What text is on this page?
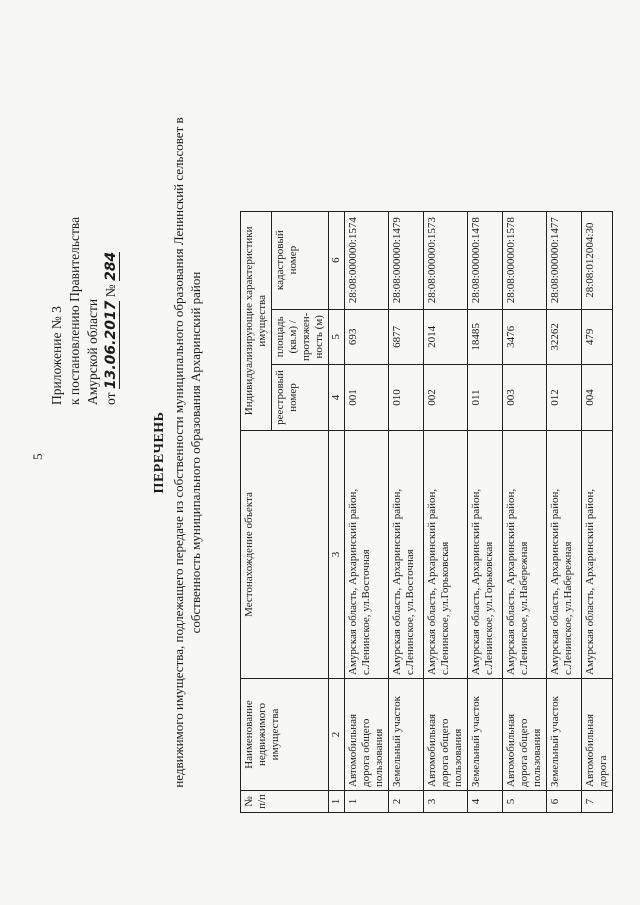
5
Приложение № 3 к постановлению Правительства Амурской области от 13.06.2017 № 284
ПЕРЕЧЕНЬ недвижимого имущества, подлежащего передаче из собственности муниципального образования Ленинский сельсовет в собственность муниципального образования Архаринский район
№ п/п	Наименование недвижимого имущества	Местонахождение объекта	Индивидуализирующие характеристики имущества		
			реестровый номер	площадь (кв.м) / протяжен- ность (м)	кадастровый номер
1	2	3	4	5	6
1	Автомобильная дорога общего пользования	Амурская область, Архаринский район, с.Ленинское, ул.Восточная	001	693	28:08:000000:1574
2	Земельный участок	Амурская область, Архаринский район, с.Ленинское, ул.Восточная	010	6877	28:08:000000:1479
3	Автомобильная дорога общего пользования	Амурская область, Архаринский район, с.Ленинское, ул.Горьковская	002	2014	28:08:000000:1573
4	Земельный участок	Амурская область, Архаринский район, с.Ленинское, ул.Горьковская	011	18485	28:08:000000:1478
5	Автомобильная дорога общего пользования	Амурская область, Архаринский район, с.Ленинское, ул.Набережная	003	3476	28:08:000000:1578
6	Земельный участок	Амурская область, Архаринский район, с.Ленинское, ул.Набережная	012	32262	28:08:000000:1477
7	Автомобильная дорога	Амурская область, Архаринский район,	004	479	28:08:012004:30
